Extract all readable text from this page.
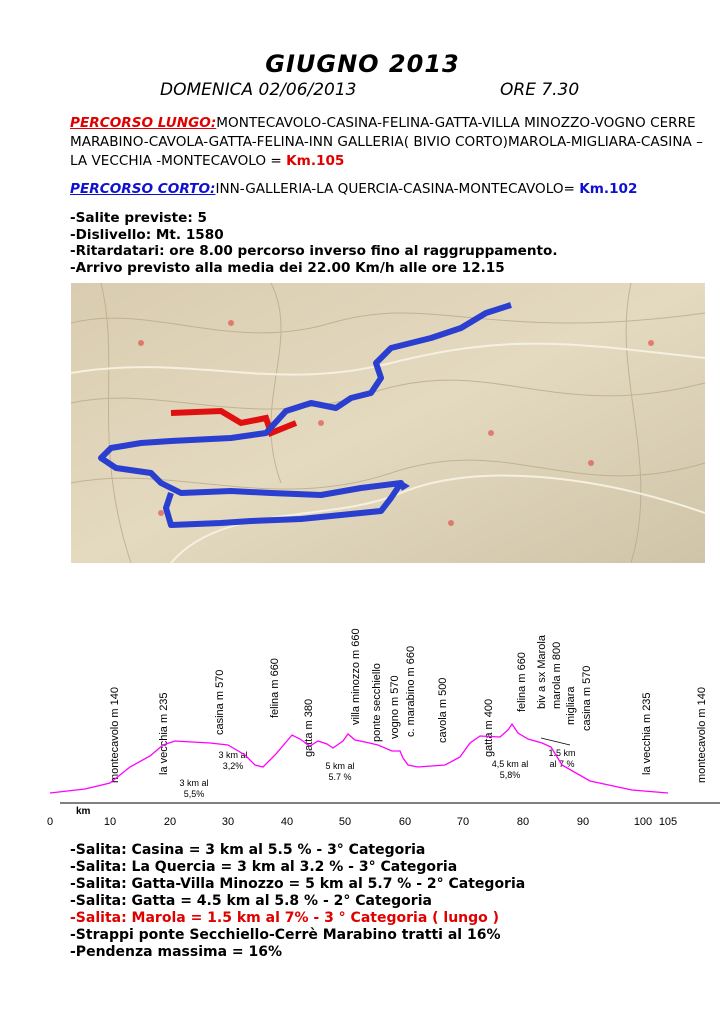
GIUGNO 2013
DOMENICA 02/06/2013	ORE 7.30
PERCORSO LUNGO:MONTECAVOLO-CASINA-FELINA-GATTA-VILLA MINOZZO-VOGNO CERRE MARABINO-CAVOLA-GATTA-FELINA-INN GALLERIA( BIVIO CORTO)MAROLA-MIGLIARA-CASINA –LA VECCHIA -MONTECAVOLO = Km.105
PERCORSO CORTO:INN-GALLERIA-LA QUERCIA-CASINA-MONTECAVOLO= Km.102
-Salite previste: 5
-Dislivello: Mt. 1580
-Ritardatari: ore 8.00 percorso inverso fino al raggruppamento.
-Arrivo previsto alla media dei 22.00 Km/h alle ore 12.15
montecavolo m 140	la vecchia m 235	casina m 570	felina m 660
gatta m 380
villa minozzo m 660 ponte secchiello vogno m 570 c. marabino m 660 cavola m 500	gatta m 400
felina m 660 biv a sx Marola marola m 800 migliara casina m 570	la vecchia m 235	montecavolo m 140
3 km al
5,5%
3 km al
3,2%	5 km al
5.7 %
4,5 km al
5,8%
1.5 km
al 7 %
km
0	10	20	30	40	50	60	70	80	90	100 105
-Salita: Casina = 3 km al 5.5 % - 3° Categoria
-Salita: La Quercia = 3 km al 3.2 % - 3° Categoria
-Salita: Gatta-Villa Minozzo = 5 km al 5.7 % - 2° Categoria
-Salita: Gatta = 4.5 km al 5.8 % - 2° Categoria
-Salita: Marola = 1.5 km al 7% - 3 ° Categoria ( lungo )
-Strappi ponte Secchiello-Cerrè Marabino tratti al 16%
-Pendenza massima = 16%
